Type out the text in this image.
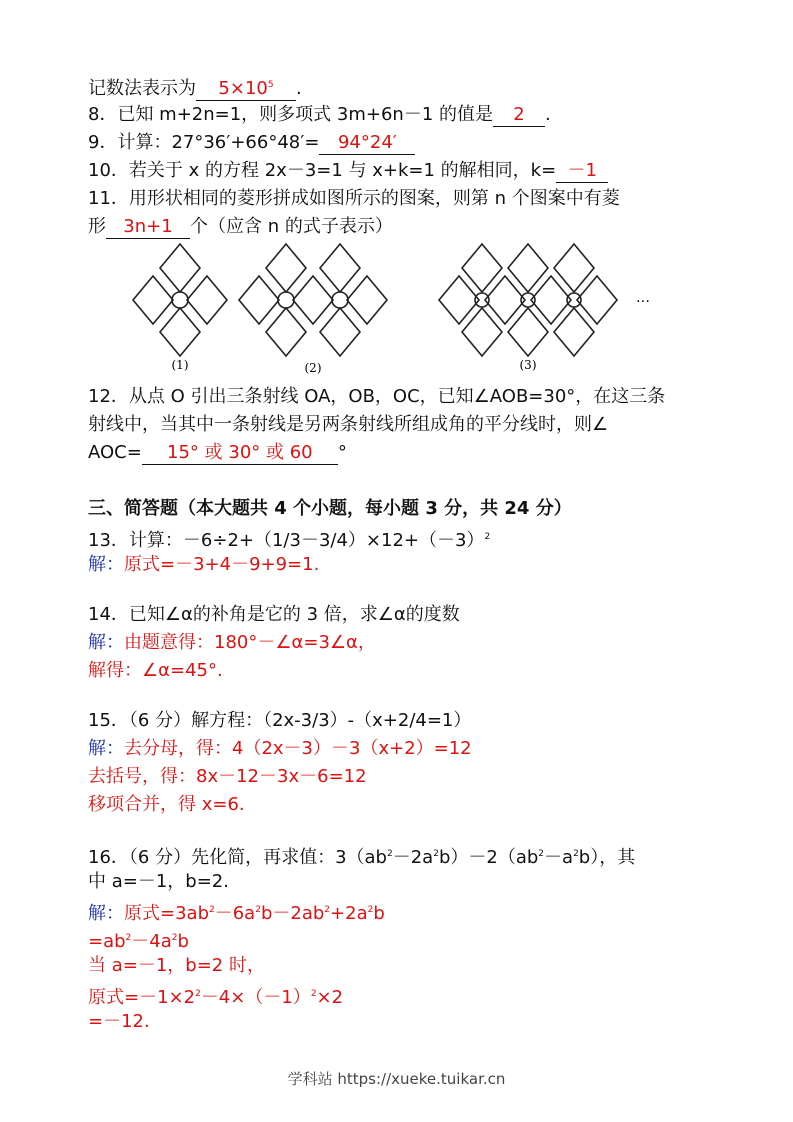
记数法表示为 $5\times 10^5$ .
8．已知 m+2n=1，则多项式 3m+6n－1 的值是 2 .
9．计算：27°36′+66°48′= 94°24′
10．若关于 x 的方程 2x－3=1 与 x+k=1 的解相同，k= －1
11．用形状相同的菱形拼成如图所示的图案，则第 n 个图案中有菱
形 3n+1 个（应含 n 的式子表示）
(1)	(2)	(3)
…
12．从点 O 引出三条射线 OA，OB，OC，已知∠AOB=30°，在这三条
射线中，当其中一条射线是另两条射线所组成角的平分线时，则∠
AOC= 15° 或 30° 或 60 °
三、简答题（本大题共 4 个小题，每小题 3 分，共 24 分）
13．计算：$-6\div 2+(1/3-3/4)\times 12+(-3)^2$
解：原式=－3+4－9+9=1.
14．已知∠α的补角是它的 3 倍，求∠α的度数
解：由题意得：180°－∠α=3∠α，
解得：∠α=45°.
15．（6 分）解方程：（2x-3/3）-（x+2/4=1）
解：去分母，得：4（2x－3）－3（x+2）=12
去括号，得：8x－12－3x－6=12
移项合并，得 x=6.
16．（6 分）先化简，再求值：$3(ab^2-2a^2b)-2(ab^2-a^2b)$，其
中 a=－1，b=2.
解：原式$=3ab^2-6a^2b-2ab^2+2a^2b$
$=ab^2-4a^2b$
当 a=－1，b=2 时，
原式$=-1\times 2^2-4\times(-1)^2\times 2$
=－12.
学科站 https://xueke.tuikar.cn
